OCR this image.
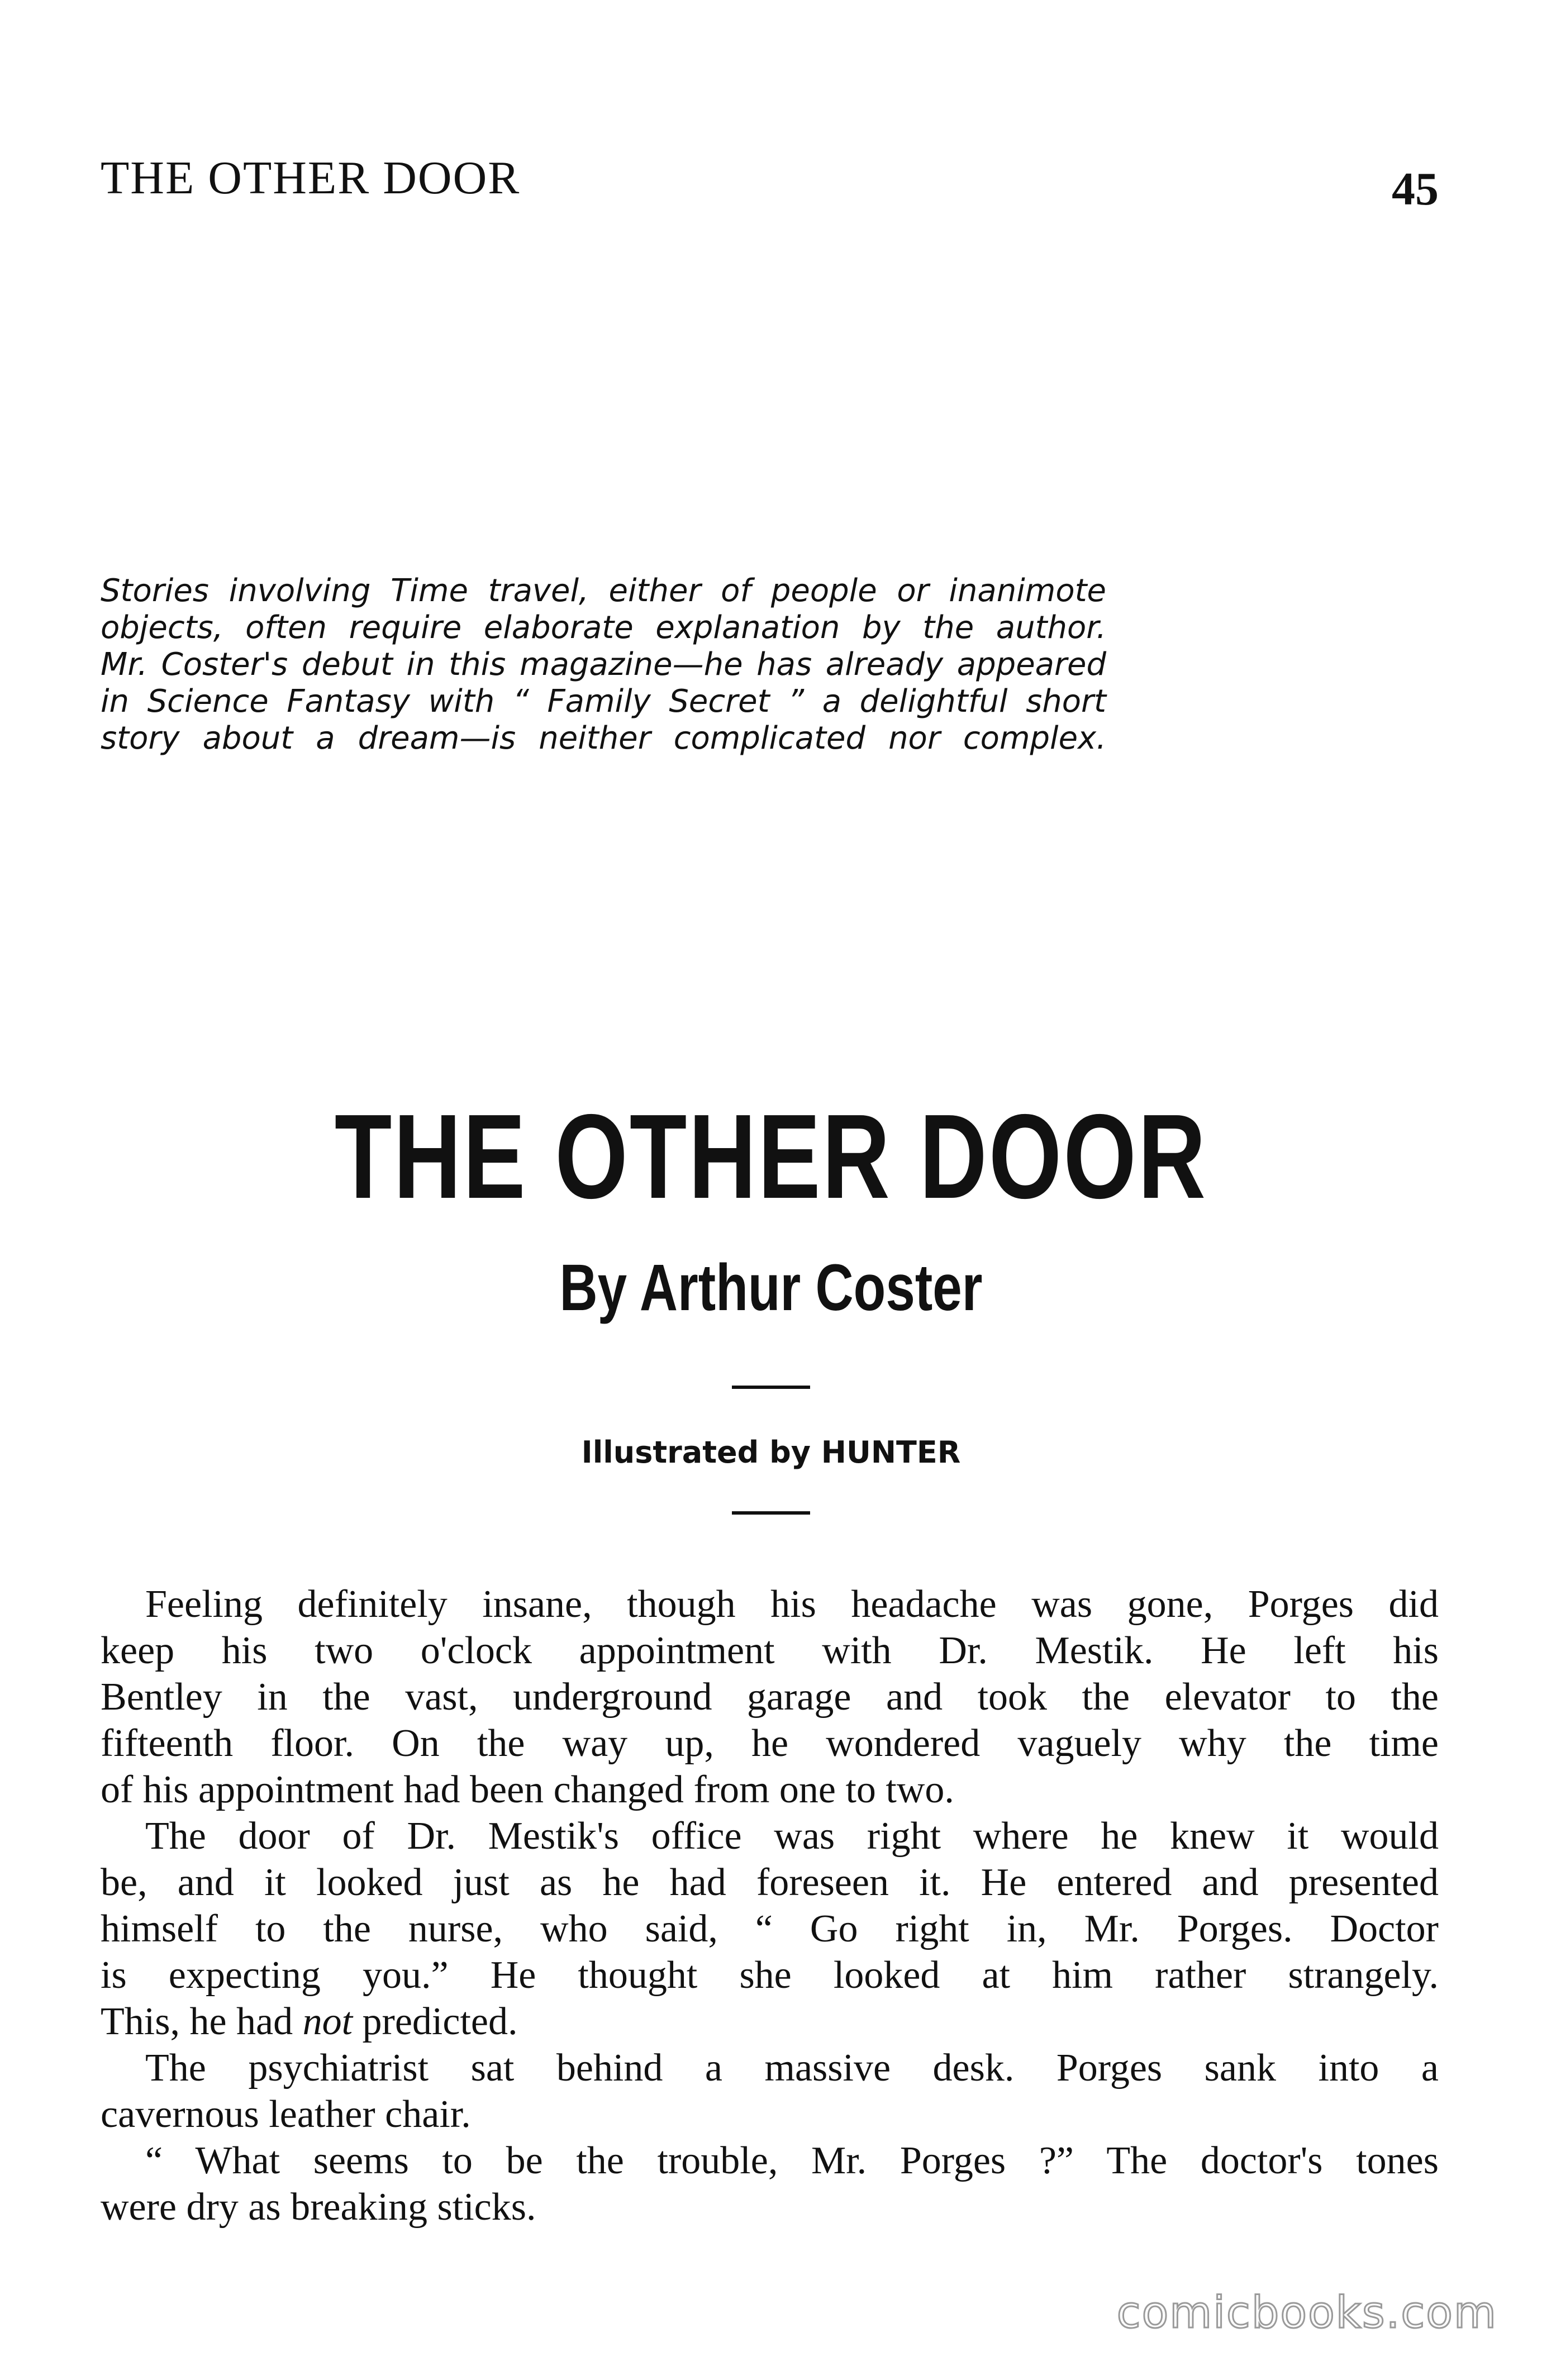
THE OTHER DOOR	45
Stories involving Time travel, either of people or inanimote
objects, often require elaborate explanation by the author.
Mr. Coster's debut in this magazine—he has already appeared
in Science Fantasy with “ Family Secret ” a delightful short
story about a dream—is neither complicated nor complex.
THE OTHER DOOR
By Arthur Coster
Illustrated by HUNTER
Feeling definitely insane, though his headache was gone, Porges did
keep his two o'clock appointment with Dr. Mestik. He left his
Bentley in the vast, underground garage and took the elevator to the
fifteenth floor. On the way up, he wondered vaguely why the time
of his appointment had been changed from one to two.
The door of Dr. Mestik's office was right where he knew it would
be, and it looked just as he had foreseen it. He entered and presented
himself to the nurse, who said, “ Go right in, Mr. Porges. Doctor
is expecting you.” He thought she looked at him rather strangely.
This, he had not predicted.
The psychiatrist sat behind a massive desk. Porges sank into a
cavernous leather chair.
“ What seems to be the trouble, Mr. Porges ?” The doctor's tones
were dry as breaking sticks.
comicbooks.com
